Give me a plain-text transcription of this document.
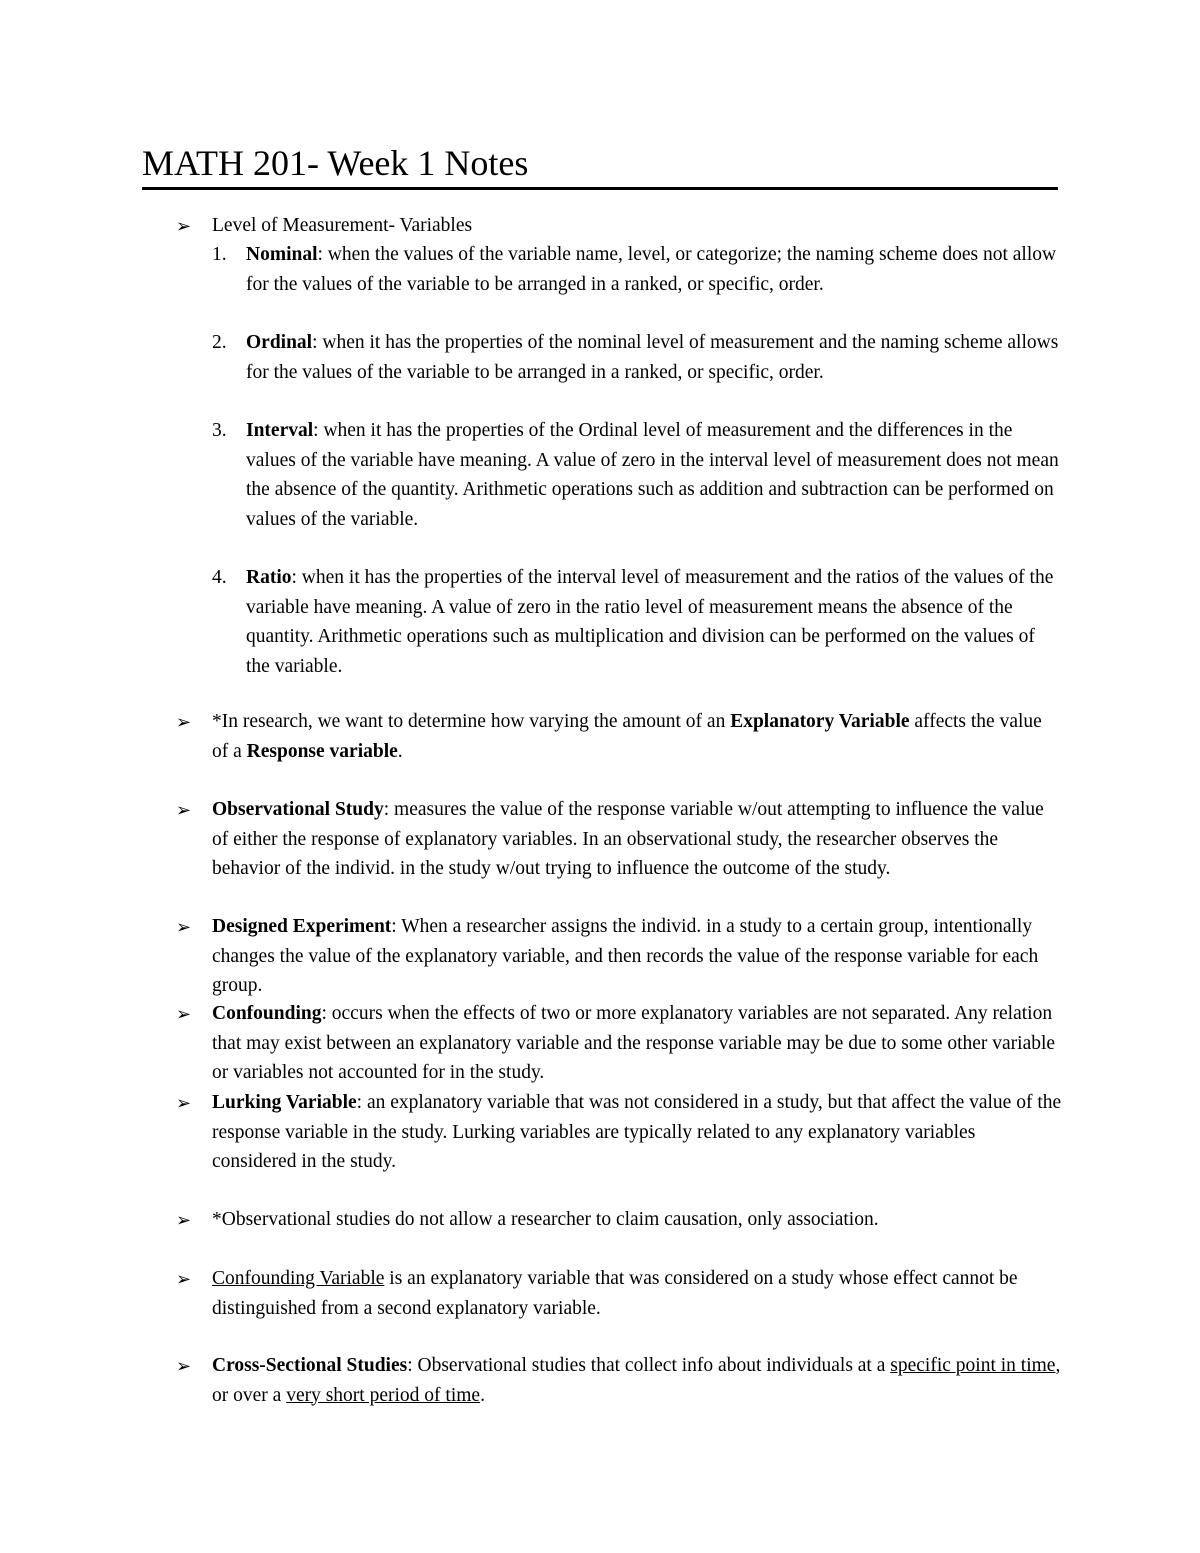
MATH 201- Week 1 Notes
➢ Level of Measurement- Variables
1. Nominal: when the values of the variable name, level, or categorize; the naming scheme does not allow for the values of the variable to be arranged in a ranked, or specific, order.
2. Ordinal: when it has the properties of the nominal level of measurement and the naming scheme allows for the values of the variable to be arranged in a ranked, or specific, order.
3. Interval: when it has the properties of the Ordinal level of measurement and the differences in the values of the variable have meaning. A value of zero in the interval level of measurement does not mean the absence of the quantity. Arithmetic operations such as addition and subtraction can be performed on values of the variable.
4. Ratio: when it has the properties of the interval level of measurement and the ratios of the values of the variable have meaning. A value of zero in the ratio level of measurement means the absence of the quantity. Arithmetic operations such as multiplication and division can be performed on the values of the variable.
➢ *In research, we want to determine how varying the amount of an Explanatory Variable affects the value of a Response variable.
➢ Observational Study: measures the value of the response variable w/out attempting to influence the value of either the response of explanatory variables. In an observational study, the researcher observes the behavior of the individ. in the study w/out trying to influence the outcome of the study.
➢ Designed Experiment: When a researcher assigns the individ. in a study to a certain group, intentionally changes the value of the explanatory variable, and then records the value of the response variable for each group.
➢ Confounding: occurs when the effects of two or more explanatory variables are not separated. Any relation that may exist between an explanatory variable and the response variable may be due to some other variable or variables not accounted for in the study.
➢ Lurking Variable: an explanatory variable that was not considered in a study, but that affect the value of the response variable in the study. Lurking variables are typically related to any explanatory variables considered in the study.
➢ *Observational studies do not allow a researcher to claim causation, only association.
➢ Confounding Variable is an explanatory variable that was considered on a study whose effect cannot be distinguished from a second explanatory variable.
➢ Cross-Sectional Studies: Observational studies that collect info about individuals at a specific point in time, or over a very short period of time.
